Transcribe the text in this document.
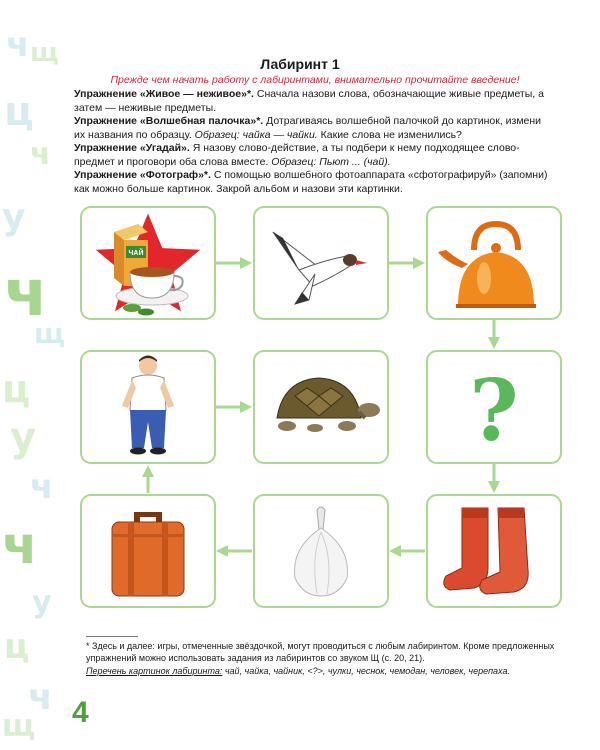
ч щ
ц
ч
у
ч
щ
ц
у
ч
ч
у
ц
ч
щ
Лабиринт 1
Прежде чем начать работу с лабиринтами, внимательно прочитайте введение!

Упражнение «Живое — неживое»*. Сначала назови слова, обозначающие живые предметы, а затем — неживые предметы.

Упражнение «Волшебная палочка»*. Дотрагиваясь волшебной палочкой до картинок, измени их названия по образцу. Образец: чайка — чайки. Какие слова не изменились?

Упражнение «Угадай». Я назову слово-действие, а ты подбери к нему подходящее слово-предмет и проговори оба слова вместе. Образец: Пьют ... (чай).

Упражнение «Фотограф»*. С помощью волшебного фотоаппарата «сфотографируй» (запомни) как можно больше картинок. Закрой альбом и назови эти картинки.

ЧАЙ
?
* Здесь и далее: игры, отмеченные звёздочкой, могут проводиться с любым лабиринтом. Кроме предложенных упражнений можно использовать задания из лабиринтов со звуком Щ (с. 20, 21).
Перечень картинок лабиринта: чай, чайка, чайник, <?>, чулки, чеснок, чемодан, человек, черепаха.
4
